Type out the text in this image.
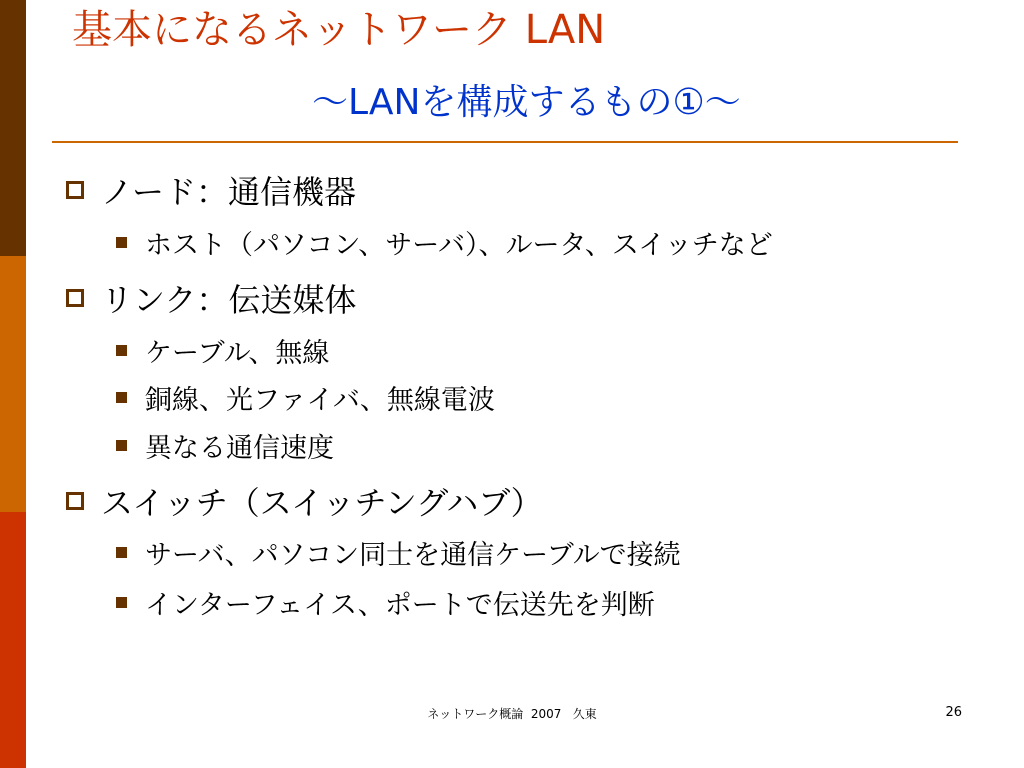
基本になるネットワーク LAN
～LANを構成するもの①～
ノード：通信機器
ホスト（パソコン、サーバ）、ルータ、スイッチなど
リンク：伝送媒体
ケーブル、無線
銅線、光ファイバ、無線電波
異なる通信速度
スイッチ（スイッチングハブ）
サーバ、パソコン同士を通信ケーブルで接続
インターフェイス、ポートで伝送先を判断
ネットワーク概論  2007   久東	26
